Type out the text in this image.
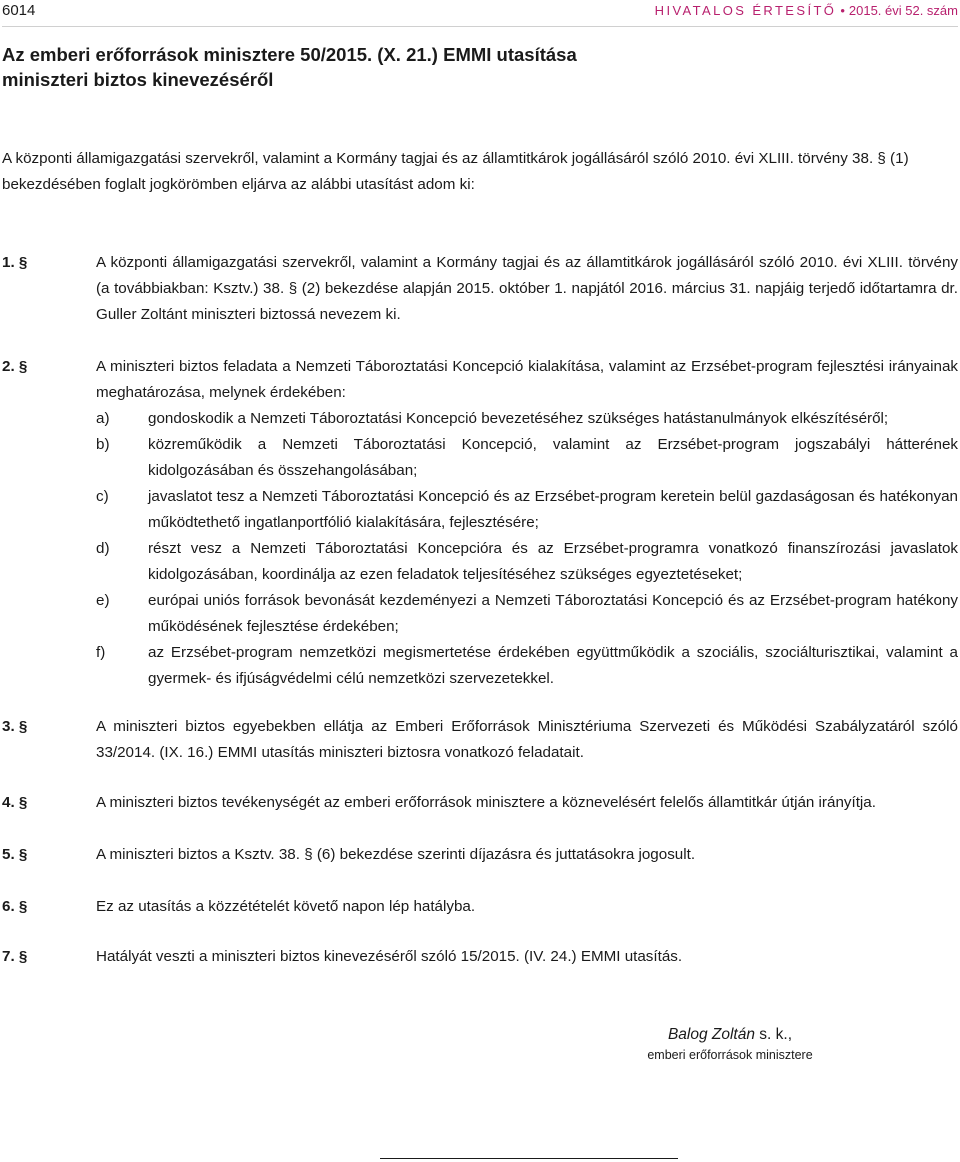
6014	HIVATALOS ÉRTESÍTŐ • 2015. évi 52. szám
Az emberi erőforrások minisztere 50/2015. (X. 21.) EMMI utasítása
miniszteri biztos kinevezéséről
A központi államigazgatási szervekről, valamint a Kormány tagjai és az államtitkárok jogállásáról szóló 2010. évi XLIII. törvény 38. § (1) bekezdésében foglalt jogkörömben eljárva az alábbi utasítást adom ki:
1. §	A központi államigazgatási szervekről, valamint a Kormány tagjai és az államtitkárok jogállásáról szóló 2010. évi XLIII. törvény (a továbbiakban: Ksztv.) 38. § (2) bekezdése alapján 2015. október 1. napjától 2016. március 31. napjáig terjedő időtartamra dr. Guller Zoltánt miniszteri biztossá nevezem ki.
2. §	A miniszteri biztos feladata a Nemzeti Táboroztatási Koncepció kialakítása, valamint az Erzsébet-program fejlesztési irányainak meghatározása, melynek érdekében:
a)	gondoskodik a Nemzeti Táboroztatási Koncepció bevezetéséhez szükséges hatástanulmányok elkészítéséről;
b)	közreműködik a Nemzeti Táboroztatási Koncepció, valamint az Erzsébet-program jogszabályi hátterének kidolgozásában és összehangolásában;
c)	javaslatot tesz a Nemzeti Táboroztatási Koncepció és az Erzsébet-program keretein belül gazdaságosan és hatékonyan működtethető ingatlanportfólió kialakítására, fejlesztésére;
d)	részt vesz a Nemzeti Táboroztatási Koncepcióra és az Erzsébet-programra vonatkozó finanszírozási javaslatok kidolgozásában, koordinálja az ezen feladatok teljesítéséhez szükséges egyeztetéseket;
e)	európai uniós források bevonását kezdeményezi a Nemzeti Táboroztatási Koncepció és az Erzsébet-program hatékony működésének fejlesztése érdekében;
f)	az Erzsébet-program nemzetközi megismertetése érdekében együttműködik a szociális, szociálturisztikai, valamint a gyermek- és ifjúságvédelmi célú nemzetközi szervezetekkel.
3. §	A miniszteri biztos egyebekben ellátja az Emberi Erőforrások Minisztériuma Szervezeti és Működési Szabályzatáról szóló 33/2014. (IX. 16.) EMMI utasítás miniszteri biztosra vonatkozó feladatait.
4. §	A miniszteri biztos tevékenységét az emberi erőforrások minisztere a köznevelésért felelős államtitkár útján irányítja.
5. §	A miniszteri biztos a Ksztv. 38. § (6) bekezdése szerinti díjazásra és juttatásokra jogosult.
6. §	Ez az utasítás a közzétételét követő napon lép hatályba.
7. §	Hatályát veszti a miniszteri biztos kinevezéséről szóló 15/2015. (IV. 24.) EMMI utasítás.
Balog Zoltán s. k.,
emberi erőforrások minisztere
